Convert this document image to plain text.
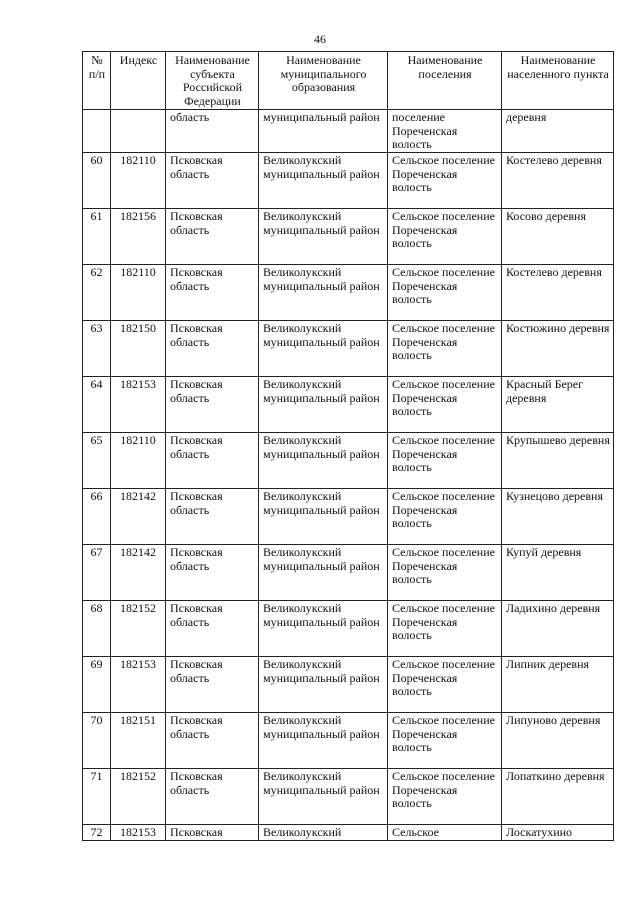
46
№ п/п	Индекс	Наименование субъекта Российской Федерации	Наименование муниципального образования	Наименование поселения	Наименование населенного пункта
		область	муниципальный район	поселение Пореченская волость	деревня
60	182110	Псковская область	Великолукский муниципальный район	Сельское поселение Пореченская волость	Костелево деревня
61	182156	Псковская область	Великолукский муниципальный район	Сельское поселение Пореченская волость	Косово деревня
62	182110	Псковская область	Великолукский муниципальный район	Сельское поселение Пореченская волость	Костелево деревня
63	182150	Псковская область	Великолукский муниципальный район	Сельское поселение Пореченская волость	Костюжино деревня
64	182153	Псковская область	Великолукский муниципальный район	Сельское поселение Пореченская волость	Красный Берег деревня
65	182110	Псковская область	Великолукский муниципальный район	Сельское поселение Пореченская волость	Крупышево деревня
66	182142	Псковская область	Великолукский муниципальный район	Сельское поселение Пореченская волость	Кузнецово деревня
67	182142	Псковская область	Великолукский муниципальный район	Сельское поселение Пореченская волость	Купуй деревня
68	182152	Псковская область	Великолукский муниципальный район	Сельское поселение Пореченская волость	Ладихино деревня
69	182153	Псковская область	Великолукский муниципальный район	Сельское поселение Пореченская волость	Липник деревня
70	182151	Псковская область	Великолукский муниципальный район	Сельское поселение Пореченская волость	Липуново деревня
71	182152	Псковская область	Великолукский муниципальный район	Сельское поселение Пореченская волость	Лопаткино деревня
72	182153	Псковская	Великолукский	Сельское	Лоскатухино
